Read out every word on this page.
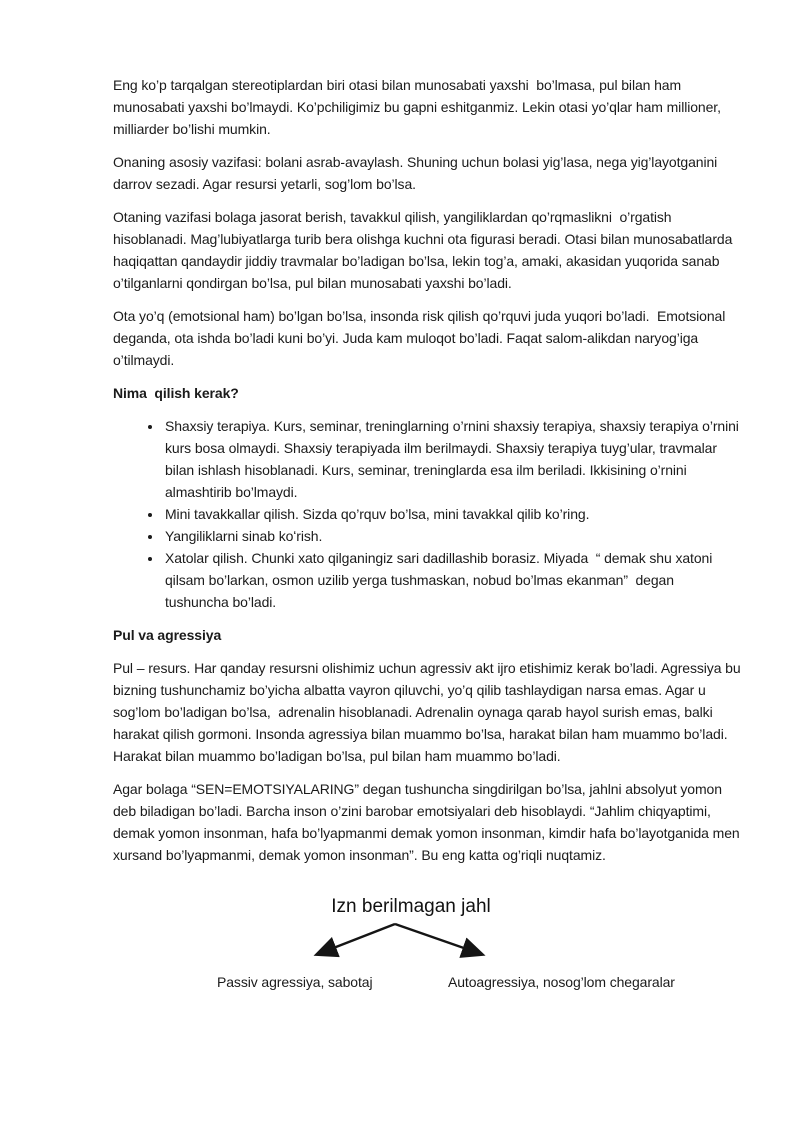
Eng ko’p tarqalgan stereotiplardan biri otasi bilan munosabati yaxshi  bo’lmasa, pul bilan ham munosabati yaxshi bo’lmaydi. Ko’pchiligimiz bu gapni eshitganmiz. Lekin otasi yo’qlar ham millioner, milliarder bo’lishi mumkin.

Onaning asosiy vazifasi: bolani asrab-avaylash. Shuning uchun bolasi yig’lasa, nega yig’layotganini darrov sezadi. Agar resursi yetarli, sog’lom bo’lsa.

Otaning vazifasi bolaga jasorat berish, tavakkul qilish, yangiliklardan qo’rqmaslikni  o’rgatish hisoblanadi. Mag’lubiyatlarga turib bera olishga kuchni ota figurasi beradi. Otasi bilan munosabatlarda haqiqattan qandaydir jiddiy travmalar bo’ladigan bo’lsa, lekin tog’a, amaki, akasidan yuqorida sanab o’tilganlarni qondirgan bo’lsa, pul bilan munosabati yaxshi bo’ladi.

Ota yo’q (emotsional ham) bo’lgan bo’lsa, insonda risk qilish qo’rquvi juda yuqori bo’ladi.  Emotsional deganda, ota ishda bo’ladi kuni bo’yi. Juda kam muloqot bo’ladi. Faqat salom-alikdan naryog’iga o’tilmaydi.

Nima  qilish kerak?

• Shaxsiy terapiya. Kurs, seminar, treninglarning o’rnini shaxsiy terapiya, shaxsiy terapiya o’rnini kurs bosa olmaydi. Shaxsiy terapiyada ilm berilmaydi. Shaxsiy terapiya tuyg’ular, travmalar bilan ishlash hisoblanadi. Kurs, seminar, treninglarda esa ilm beriladi. Ikkisining o’rnini almashtirib bo’lmaydi.
• Mini tavakkallar qilish. Sizda qo’rquv bo’lsa, mini tavakkal qilib ko’ring.
• Yangiliklarni sinab koʻrish.
• Xatolar qilish. Chunki xato qilganingiz sari dadillashib borasiz. Miyada  “ demak shu xatoni qilsam bo’larkan, osmon uzilib yerga tushmaskan, nobud bo’lmas ekanman”  degan tushuncha bo’ladi.

Pul va agressiya

Pul – resurs. Har qanday resursni olishimiz uchun agressiv akt ijro etishimiz kerak bo’ladi. Agressiya bu bizning tushunchamiz bo’yicha albatta vayron qiluvchi, yo’q qilib tashlaydigan narsa emas. Agar u sog’lom bo’ladigan bo’lsa,  adrenalin hisoblanadi. Adrenalin oynaga qarab hayol surish emas, balki harakat qilish gormoni. Insonda agressiya bilan muammo bo’lsa, harakat bilan ham muammo bo’ladi. Harakat bilan muammo bo’ladigan bo’lsa, pul bilan ham muammo bo’ladi.

Agar bolaga “SEN=EMOTSIYALARING” degan tushuncha singdirilgan bo’lsa, jahlni absolyut yomon deb biladigan bo’ladi. Barcha inson o’zini barobar emotsiyalari deb hisoblaydi. “Jahlim chiqyaptimi, demak yomon insonman, hafa bo’lyapmanmi demak yomon insonman, kimdir hafa bo’layotganida men xursand bo’lyapmanmi, demak yomon insonman”. Bu eng katta og’riqli nuqtamiz.

Izn berilmagan jahl
Passiv agressiya, sabotaj	Autoagressiya, nosog’lom chegaralar
